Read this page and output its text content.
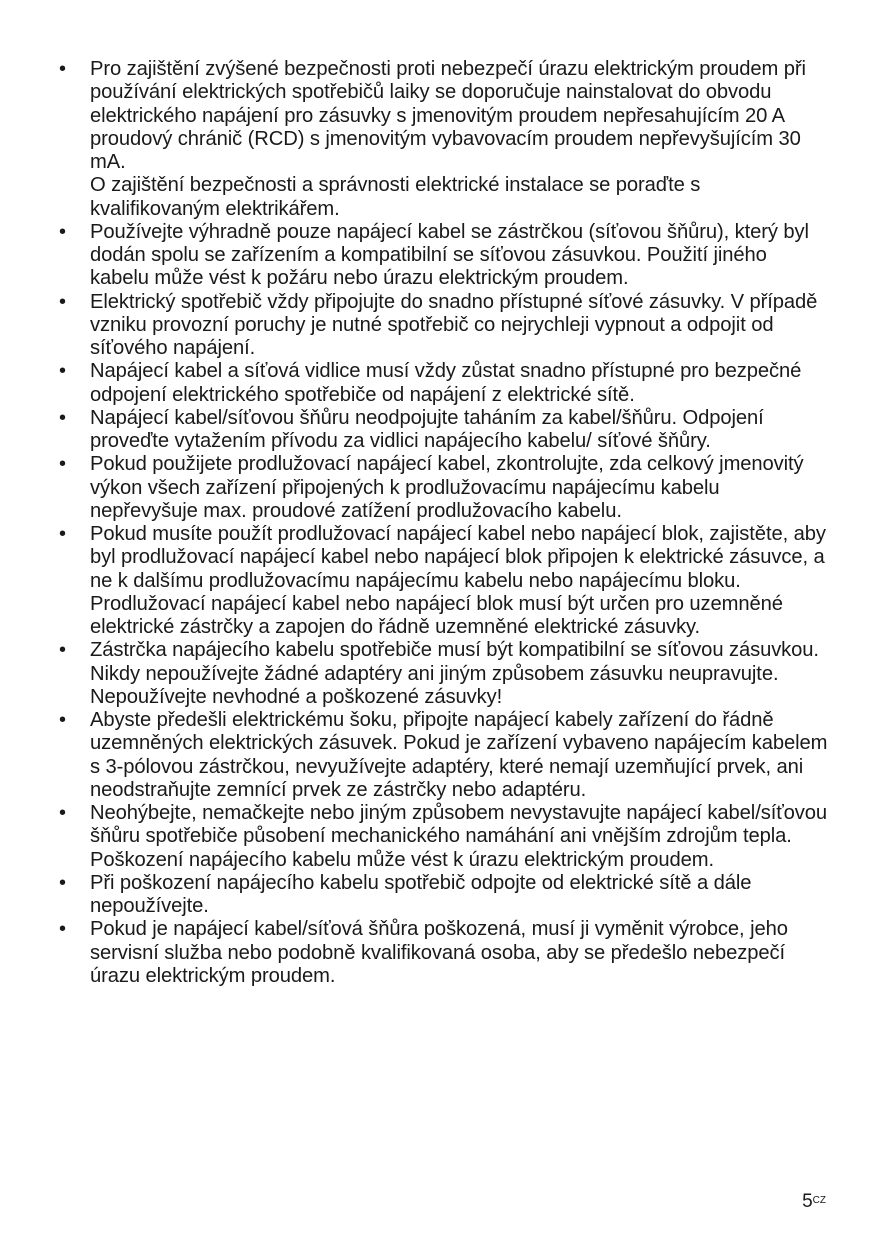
• Pro zajištění zvýšené bezpečnosti proti nebezpečí úrazu elektrickým proudem při používání elektrických spotřebičů laiky se doporučuje nainstalovat do obvodu elektrického napájení pro zásuvky s jmenovitým proudem nepřesahujícím 20 A proudový chránič (RCD) s jmenovitým vybavovacím proudem nepřevyšujícím 30 mA.

O zajištění bezpečnosti a správnosti elektrické instalace se poraďte s kvalifikovaným elektrikářem.

• Používejte výhradně pouze napájecí kabel se zástrčkou (síťovou šňůru), který byl dodán spolu se zařízením a kompatibilní se síťovou zásuvkou. Použití jiného kabelu může vést k požáru nebo úrazu elektrickým proudem.

• Elektrický spotřebič vždy připojujte do snadno přístupné síťové zásuvky. V případě vzniku provozní poruchy je nutné spotřebič co nejrychleji vypnout a odpojit od síťového napájení.

• Napájecí kabel a síťová vidlice musí vždy zůstat snadno přístupné pro bezpečné odpojení elektrického spotřebiče od napájení z elektrické sítě.

• Napájecí kabel/síťovou šňůru neodpojujte taháním za kabel/šňůru. Odpojení proveďte vytažením přívodu za vidlici napájecího kabelu/ síťové šňůry.

• Pokud použijete prodlužovací napájecí kabel, zkontrolujte, zda celkový jmenovitý výkon všech zařízení připojených k prodlužovacímu napájecímu kabelu nepřevyšuje max. proudové zatížení prodlužovacího kabelu.

• Pokud musíte použít prodlužovací napájecí kabel nebo napájecí blok, zajistěte, aby byl prodlužovací napájecí kabel nebo napájecí blok připojen k elektrické zásuvce, a ne k dalšímu prodlužovacímu napájecímu kabelu nebo napájecímu bloku. Prodlužovací napájecí kabel nebo napájecí blok musí být určen pro uzemněné elektrické zástrčky a zapojen do řádně uzemněné elektrické zásuvky.

• Zástrčka napájecího kabelu spotřebiče musí být kompatibilní se síťovou zásuvkou. Nikdy nepoužívejte žádné adaptéry ani jiným způsobem zásuvku neupravujte. Nepoužívejte nevhodné a poškozené zásuvky!

• Abyste předešli elektrickému šoku, připojte napájecí kabely zařízení do řádně uzemněných elektrických zásuvek. Pokud je zařízení vybaveno napájecím kabelem s 3-pólovou zástrčkou, nevyužívejte adaptéry, které nemají uzemňující prvek, ani neodstraňujte zemnící prvek ze zástrčky nebo adaptéru.

• Neohýbejte, nemačkejte nebo jiným způsobem nevystavujte napájecí kabel/síťovou šňůru spotřebiče působení mechanického namáhání ani vnějším zdrojům tepla. Poškození napájecího kabelu může vést k úrazu elektrickým proudem.

• Při poškození napájecího kabelu spotřebič odpojte od elektrické sítě a dále nepoužívejte.

• Pokud je napájecí kabel/síťová šňůra poškozená, musí ji vyměnit výrobce, jeho servisní služba nebo podobně kvalifikovaná osoba, aby se předešlo nebezpečí úrazu elektrickým proudem.

$5^{CZ}$
